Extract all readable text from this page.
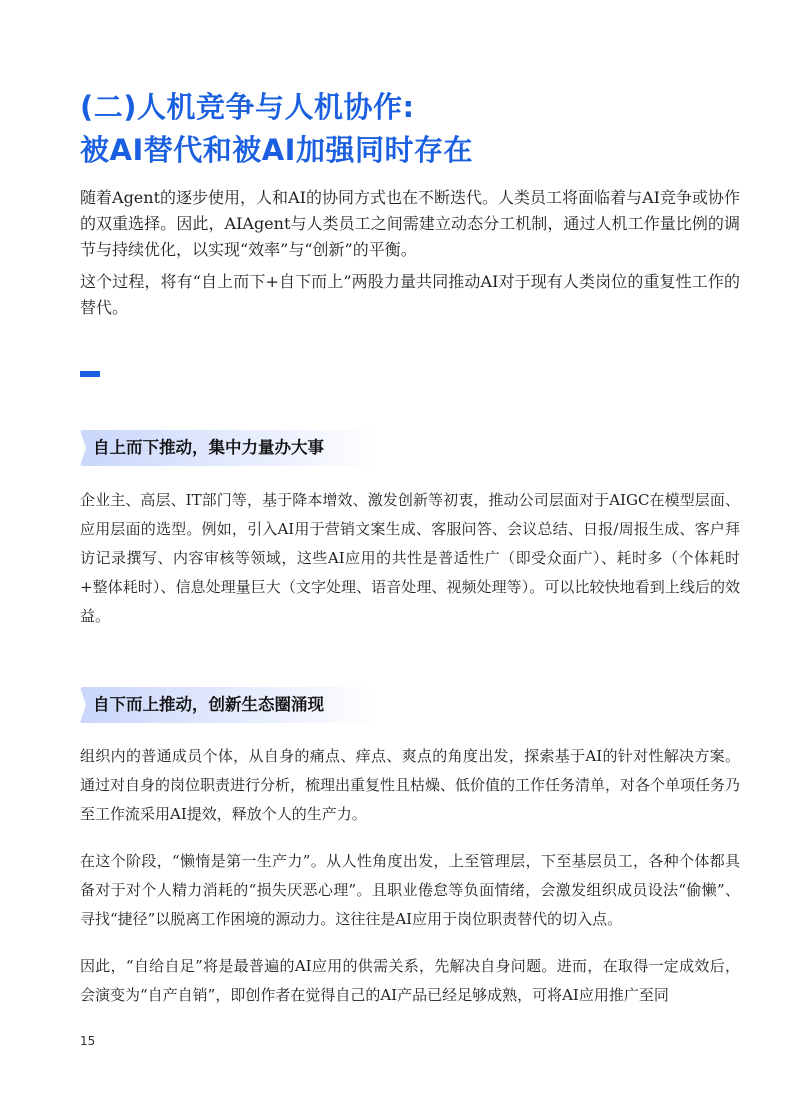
(二)人机竞争与人机协作:
被AI替代和被AI加强同时存在

随着Agent的逐步使用，人和AI的协同方式也在不断迭代。人类员工将面临着与AI竞争或协作的双重选择。因此，AIAgent与人类员工之间需建立动态分工机制，通过人机工作量比例的调节与持续优化，以实现“效率”与“创新”的平衡。

这个过程，将有“自上而下+自下而上”两股力量共同推动AI对于现有人类岗位的重复性工作的替代。

自上而下推动，集中力量办大事

企业主、高层、IT部门等，基于降本增效、激发创新等初衷，推动公司层面对于AIGC在模型层面、应用层面的选型。例如，引入AI用于营销文案生成、客服问答、会议总结、日报/周报生成、客户拜访记录撰写、内容审核等领域，这些AI应用的共性是普适性广（即受众面广）、耗时多（个体耗时+整体耗时）、信息处理量巨大（文字处理、语音处理、视频处理等）。可以比较快地看到上线后的效益。

自下而上推动，创新生态圈涌现

组织内的普通成员个体，从自身的痛点、痒点、爽点的角度出发，探索基于AI的针对性解决方案。通过对自身的岗位职责进行分析，梳理出重复性且枯燥、低价值的工作任务清单，对各个单项任务乃至工作流采用AI提效，释放个人的生产力。

在这个阶段，“懒惰是第一生产力”。从人性角度出发，上至管理层，下至基层员工，各种个体都具备对于对个人精力消耗的“损失厌恶心理”。且职业倦怠等负面情绪，会激发组织成员设法“偷懒”、寻找“捷径”以脱离工作困境的源动力。这往往是AI应用于岗位职责替代的切入点。

因此，“自给自足”将是最普遍的AI应用的供需关系，先解决自身问题。进而，在取得一定成效后，会演变为“自产自销”，即创作者在觉得自己的AI产品已经足够成熟，可将AI应用推广至同

15
